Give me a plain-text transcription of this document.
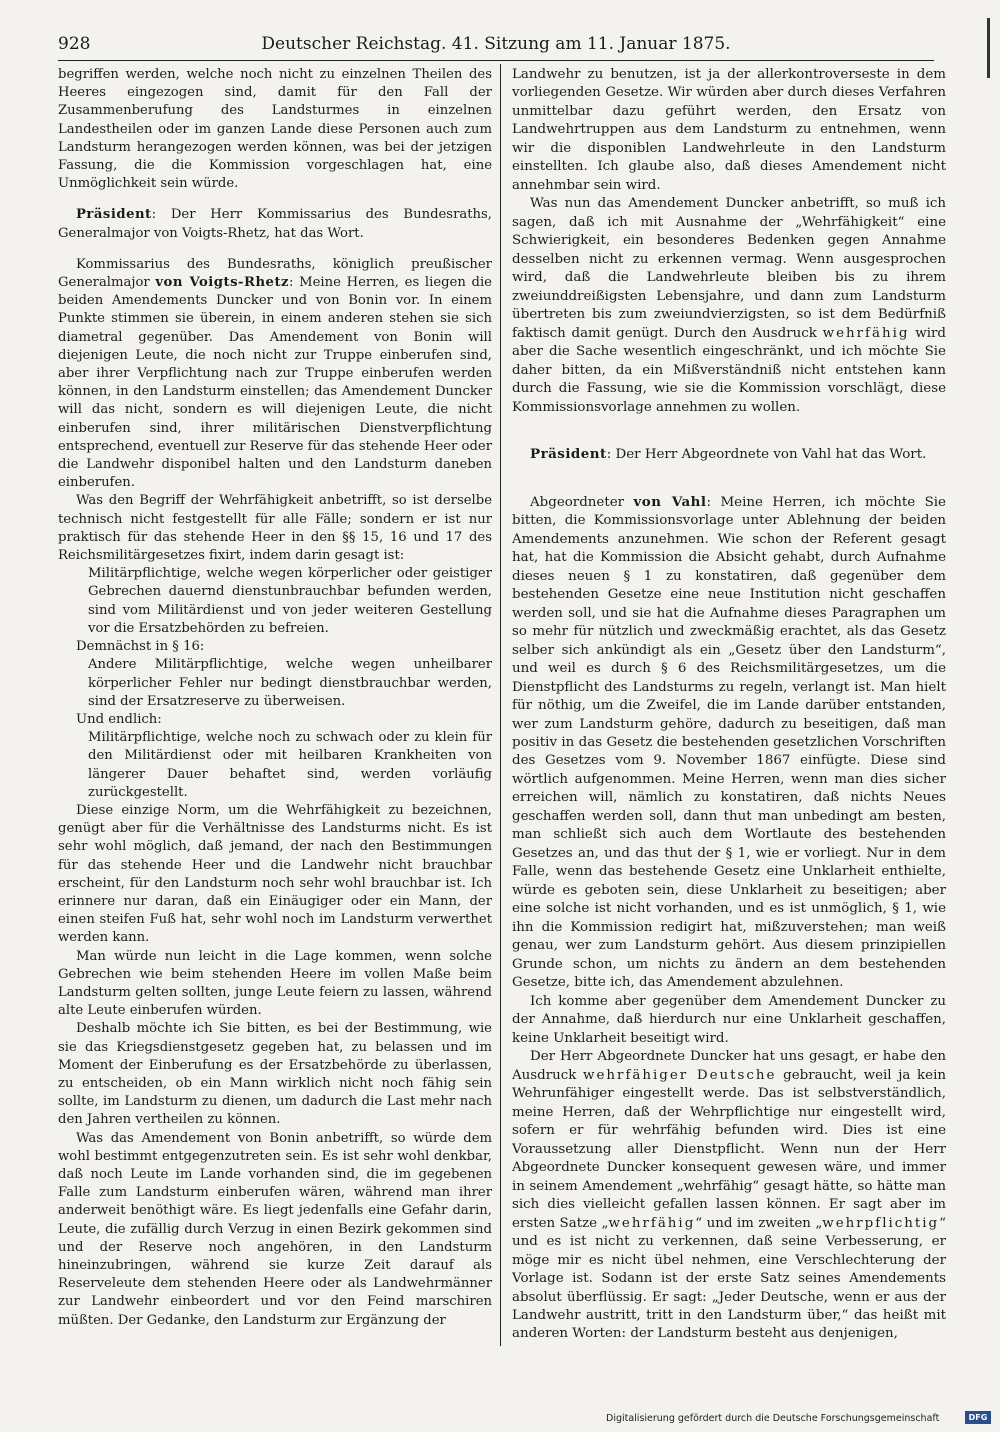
928	Deutscher Reichstag. 41. Sitzung am 11. Januar 1875.

begriffen werden, welche noch nicht zu einzelnen Theilen des Heeres eingezogen sind, damit für den Fall der Zusammenberufung des Landsturmes in einzelnen Landestheilen oder im ganzen Lande diese Personen auch zum Landsturm herangezogen werden können, was bei der jetzigen Fassung, die die Kommission vorgeschlagen hat, eine Unmöglichkeit sein würde.

Präsident: Der Herr Kommissarius des Bundesraths, Generalmajor von Voigts-Rhetz, hat das Wort.

Kommissarius des Bundesraths, königlich preußischer Generalmajor von Voigts-Rhetz: Meine Herren, es liegen die beiden Amendements Duncker und von Bonin vor. In einem Punkte stimmen sie überein, in einem anderen stehen sie sich diametral gegenüber. Das Amendement von Bonin will diejenigen Leute, die noch nicht zur Truppe einberufen sind, aber ihrer Verpflichtung nach zur Truppe einberufen werden können, in den Landsturm einstellen; das Amendement Duncker will das nicht, sondern es will diejenigen Leute, die nicht einberufen sind, ihrer militärischen Dienstverpflichtung entsprechend, eventuell zur Reserve für das stehende Heer oder die Landwehr disponibel halten und den Landsturm daneben einberufen.

Was den Begriff der Wehrfähigkeit anbetrifft, so ist derselbe technisch nicht festgestellt für alle Fälle; sondern er ist nur praktisch für das stehende Heer in den §§ 15, 16 und 17 des Reichsmilitärgesetzes fixirt, indem darin gesagt ist:

Militärpflichtige, welche wegen körperlicher oder geistiger Gebrechen dauernd dienstunbrauchbar befunden werden, sind vom Militärdienst und von jeder weiteren Gestellung vor die Ersatzbehörden zu befreien.

Demnächst in § 16:

Andere Militärpflichtige, welche wegen unheilbarer körperlicher Fehler nur bedingt dienstbrauchbar werden, sind der Ersatzreserve zu überweisen.

Und endlich:

Militärpflichtige, welche noch zu schwach oder zu klein für den Militärdienst oder mit heilbaren Krankheiten von längerer Dauer behaftet sind, werden vorläufig zurückgestellt.

Diese einzige Norm, um die Wehrfähigkeit zu bezeichnen, genügt aber für die Verhältnisse des Landsturms nicht. Es ist sehr wohl möglich, daß jemand, der nach den Bestimmungen für das stehende Heer und die Landwehr nicht brauchbar erscheint, für den Landsturm noch sehr wohl brauchbar ist. Ich erinnere nur daran, daß ein Einäugiger oder ein Mann, der einen steifen Fuß hat, sehr wohl noch im Landsturm verwerthet werden kann.

Man würde nun leicht in die Lage kommen, wenn solche Gebrechen wie beim stehenden Heere im vollen Maße beim Landsturm gelten sollten, junge Leute feiern zu lassen, während alte Leute einberufen würden.

Deshalb möchte ich Sie bitten, es bei der Bestimmung, wie sie das Kriegsdienstgesetz gegeben hat, zu belassen und im Moment der Einberufung es der Ersatzbehörde zu überlassen, zu entscheiden, ob ein Mann wirklich nicht noch fähig sein sollte, im Landsturm zu dienen, um dadurch die Last mehr nach den Jahren vertheilen zu können.

Was das Amendement von Bonin anbetrifft, so würde dem wohl bestimmt entgegenzutreten sein. Es ist sehr wohl denkbar, daß noch Leute im Lande vorhanden sind, die im gegebenen Falle zum Landsturm einberufen wären, während man ihrer anderweit benöthigt wäre. Es liegt jedenfalls eine Gefahr darin, Leute, die zufällig durch Verzug in einen Bezirk gekommen sind und der Reserve noch angehören, in den Landsturm hineinzubringen, während sie kurze Zeit darauf als Reserveleute dem stehenden Heere oder als Landwehrmänner zur Landwehr einbeordert und vor den Feind marschiren müßten. Der Gedanke, den Landsturm zur Ergänzung der

Landwehr zu benutzen, ist ja der allerkontroverseste in dem vorliegenden Gesetze. Wir würden aber durch dieses Verfahren unmittelbar dazu geführt werden, den Ersatz von Landwehrtruppen aus dem Landsturm zu entnehmen, wenn wir die disponiblen Landwehrleute in den Landsturm einstellten. Ich glaube also, daß dieses Amendement nicht annehmbar sein wird.

Was nun das Amendement Duncker anbetrifft, so muß ich sagen, daß ich mit Ausnahme der „Wehrfähigkeit“ eine Schwierigkeit, ein besonderes Bedenken gegen Annahme desselben nicht zu erkennen vermag. Wenn ausgesprochen wird, daß die Landwehrleute bleiben bis zu ihrem zweiunddreißigsten Lebensjahre, und dann zum Landsturm übertreten bis zum zweiundvierzigsten, so ist dem Bedürfniß faktisch damit genügt. Durch den Ausdruck wehrfähig wird aber die Sache wesentlich eingeschränkt, und ich möchte Sie daher bitten, da ein Mißverständniß nicht entstehen kann durch die Fassung, wie sie die Kommission vorschlägt, diese Kommissionsvorlage annehmen zu wollen.

Präsident: Der Herr Abgeordnete von Vahl hat das Wort.

Abgeordneter von Vahl: Meine Herren, ich möchte Sie bitten, die Kommissionsvorlage unter Ablehnung der beiden Amendements anzunehmen. Wie schon der Referent gesagt hat, hat die Kommission die Absicht gehabt, durch Aufnahme dieses neuen § 1 zu konstatiren, daß gegenüber dem bestehenden Gesetze eine neue Institution nicht geschaffen werden soll, und sie hat die Aufnahme dieses Paragraphen um so mehr für nützlich und zweckmäßig erachtet, als das Gesetz selber sich ankündigt als ein „Gesetz über den Landsturm“, und weil es durch § 6 des Reichsmilitärgesetzes, um die Dienstpflicht des Landsturms zu regeln, verlangt ist. Man hielt für nöthig, um die Zweifel, die im Lande darüber entstanden, wer zum Landsturm gehöre, dadurch zu beseitigen, daß man positiv in das Gesetz die bestehenden gesetzlichen Vorschriften des Gesetzes vom 9. November 1867 einfügte. Diese sind wörtlich aufgenommen. Meine Herren, wenn man dies sicher erreichen will, nämlich zu konstatiren, daß nichts Neues geschaffen werden soll, dann thut man unbedingt am besten, man schließt sich auch dem Wortlaute des bestehenden Gesetzes an, und das thut der § 1, wie er vorliegt. Nur in dem Falle, wenn das bestehende Gesetz eine Unklarheit enthielte, würde es geboten sein, diese Unklarheit zu beseitigen; aber eine solche ist nicht vorhanden, und es ist unmöglich, § 1, wie ihn die Kommission redigirt hat, mißzuverstehen; man weiß genau, wer zum Landsturm gehört. Aus diesem prinzipiellen Grunde schon, um nichts zu ändern an dem bestehenden Gesetze, bitte ich, das Amendement abzulehnen.

Ich komme aber gegenüber dem Amendement Duncker zu der Annahme, daß hierdurch nur eine Unklarheit geschaffen, keine Unklarheit beseitigt wird.

Der Herr Abgeordnete Duncker hat uns gesagt, er habe den Ausdruck wehrfähiger Deutsche gebraucht, weil ja kein Wehrunfähiger eingestellt werde. Das ist selbstverständlich, meine Herren, daß der Wehrpflichtige nur eingestellt wird, sofern er für wehrfähig befunden wird. Dies ist eine Voraussetzung aller Dienstpflicht. Wenn nun der Herr Abgeordnete Duncker konsequent gewesen wäre, und immer in seinem Amendement „wehrfähig“ gesagt hätte, so hätte man sich dies vielleicht gefallen lassen können. Er sagt aber im ersten Satze „wehrfähig“ und im zweiten „wehrpflichtig“ und es ist nicht zu verkennen, daß seine Verbesserung, er möge mir es nicht übel nehmen, eine Verschlechterung der Vorlage ist. Sodann ist der erste Satz seines Amendements absolut überflüssig. Er sagt: „Jeder Deutsche, wenn er aus der Landwehr austritt, tritt in den Landsturm über,“ das heißt mit anderen Worten: der Landsturm besteht aus denjenigen,

Digitalisierung gefördert durch die Deutsche Forschungsgemeinschaft	DFG
